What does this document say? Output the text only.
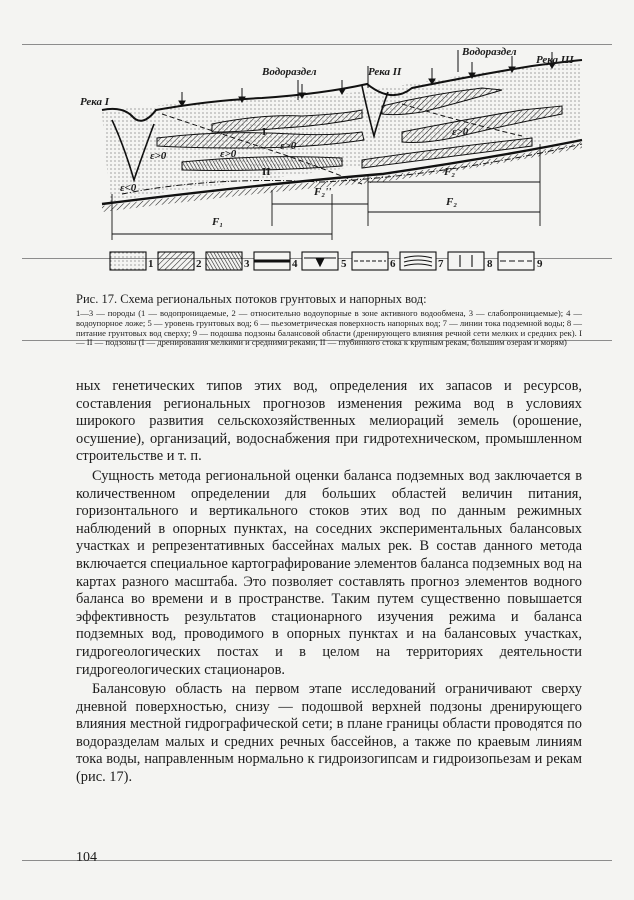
Река I
Водораздел	Река II
Водораздел
Река III
I
II
ε>0	ε>0
ε>0
ε<0
ε>0
F₁
F₂''
F₂'
F₂
1	2	3	4	5	6	7	8	9

Рис. 17. Схема региональных потоков грунтовых и напорных вод:

1—3 — породы (1 — водопроницаемые, 2 — относительно водоупорные в зоне активного водообмена, 3 — слабопроницаемые); 4 — водоупорное ложе; 5 — уровень грунтовых вод; 6 — пьезометрическая поверхность напорных вод; 7 — линии тока подземной воды; 8 — питание грунтовых вод сверху; 9 — подошва подзоны балансовой области (дренирующего влияния речной сети мелких и средних рек). I — II — подзоны (I — дренирования мелкими и средними реками, II — глубинного стока к крупным рекам, большим озерам и морям)

ных генетических типов этих вод, определения их запасов и ресурсов, составления региональных прогнозов изменения режима вод в условиях широкого развития сельскохозяйственных мелиораций земель (орошение, осушение), организаций, водоснабжения при гидротехническом, промышленном строительстве и т. п.

Сущность метода региональной оценки баланса подземных вод заключается в количественном определении для больших областей величин питания, горизонтального и вертикального стоков этих вод по данным режимных наблюдений в опорных пунктах, на соседних экспериментальных балансовых участках и репрезентативных бассейнах малых рек. В состав данного метода включается специальное картографирование элементов баланса подземных вод на картах разного масштаба. Это позволяет составлять прогноз элементов водного баланса во времени и в пространстве. Таким путем существенно повышается эффективность результатов стационарного изучения режима и баланса подземных вод, проводимого в опорных пунктах и на балансовых участках, гидрогеологических постах и в целом на территориях деятельности гидрогеологических стационаров.

Балансовую область на первом этапе исследований ограничивают сверху дневной поверхностью, снизу — подошвой верхней подзоны дренирующего влияния местной гидрографической сети; в плане границы области проводятся по водоразделам малых и средних речных бассейнов, а также по краевым линиям тока воды, направленным нормально к гидроизогипсам и гидроизопьезам и рекам (рис. 17).

104
